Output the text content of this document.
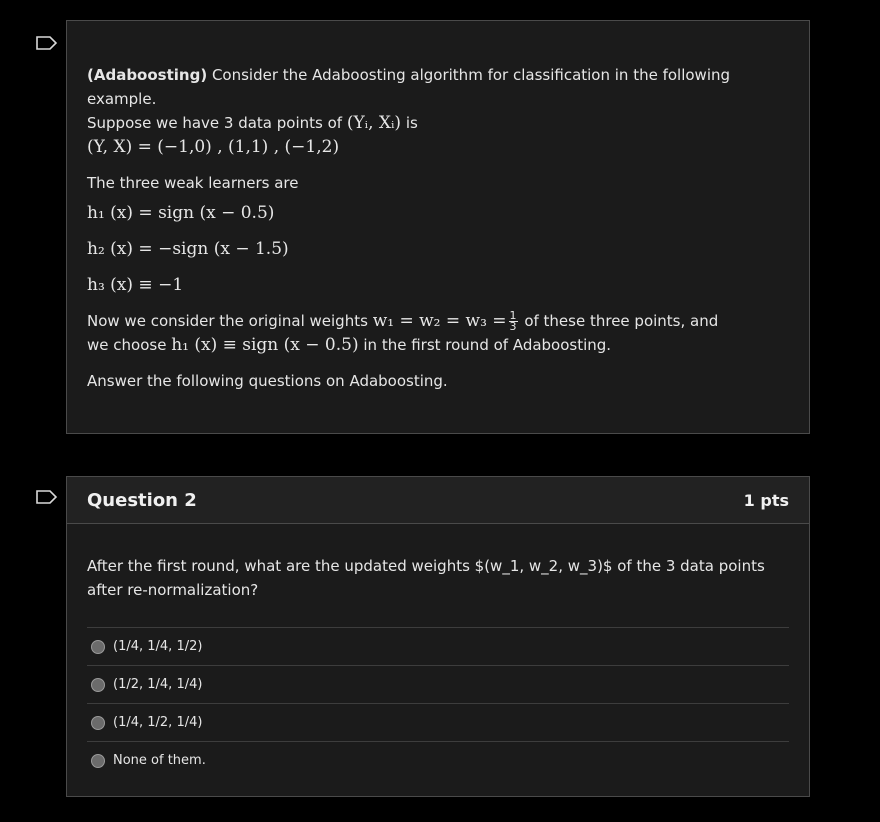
(Adaboosting) Consider the Adaboosting algorithm for classification in the following example.

Suppose we have 3 data points of (Yᵢ, Xᵢ) is

(Y, X) = (−1,0) , (1,1) , (−1,2)

The three weak learners are

h₁ (x) = sign (x − 0.5)
h₂ (x) = −sign (x − 1.5)
h₃ (x) ≡ −1

Now we consider the original weights $w_1 = w_2 = w_3 = \frac{1}{3}$ of these three points, and

we choose h₁ (x) ≡ sign (x − 0.5) in the first round of Adaboosting.

Answer the following questions on Adaboosting.

Question 2	1 pts
After the first round, what are the updated weights $(w_1, w_2, w_3)$ of the 3 data points after re-normalization?
(1/4, 1/4, 1/2)
(1/2, 1/4, 1/4)
(1/4, 1/2, 1/4)
None of them.
